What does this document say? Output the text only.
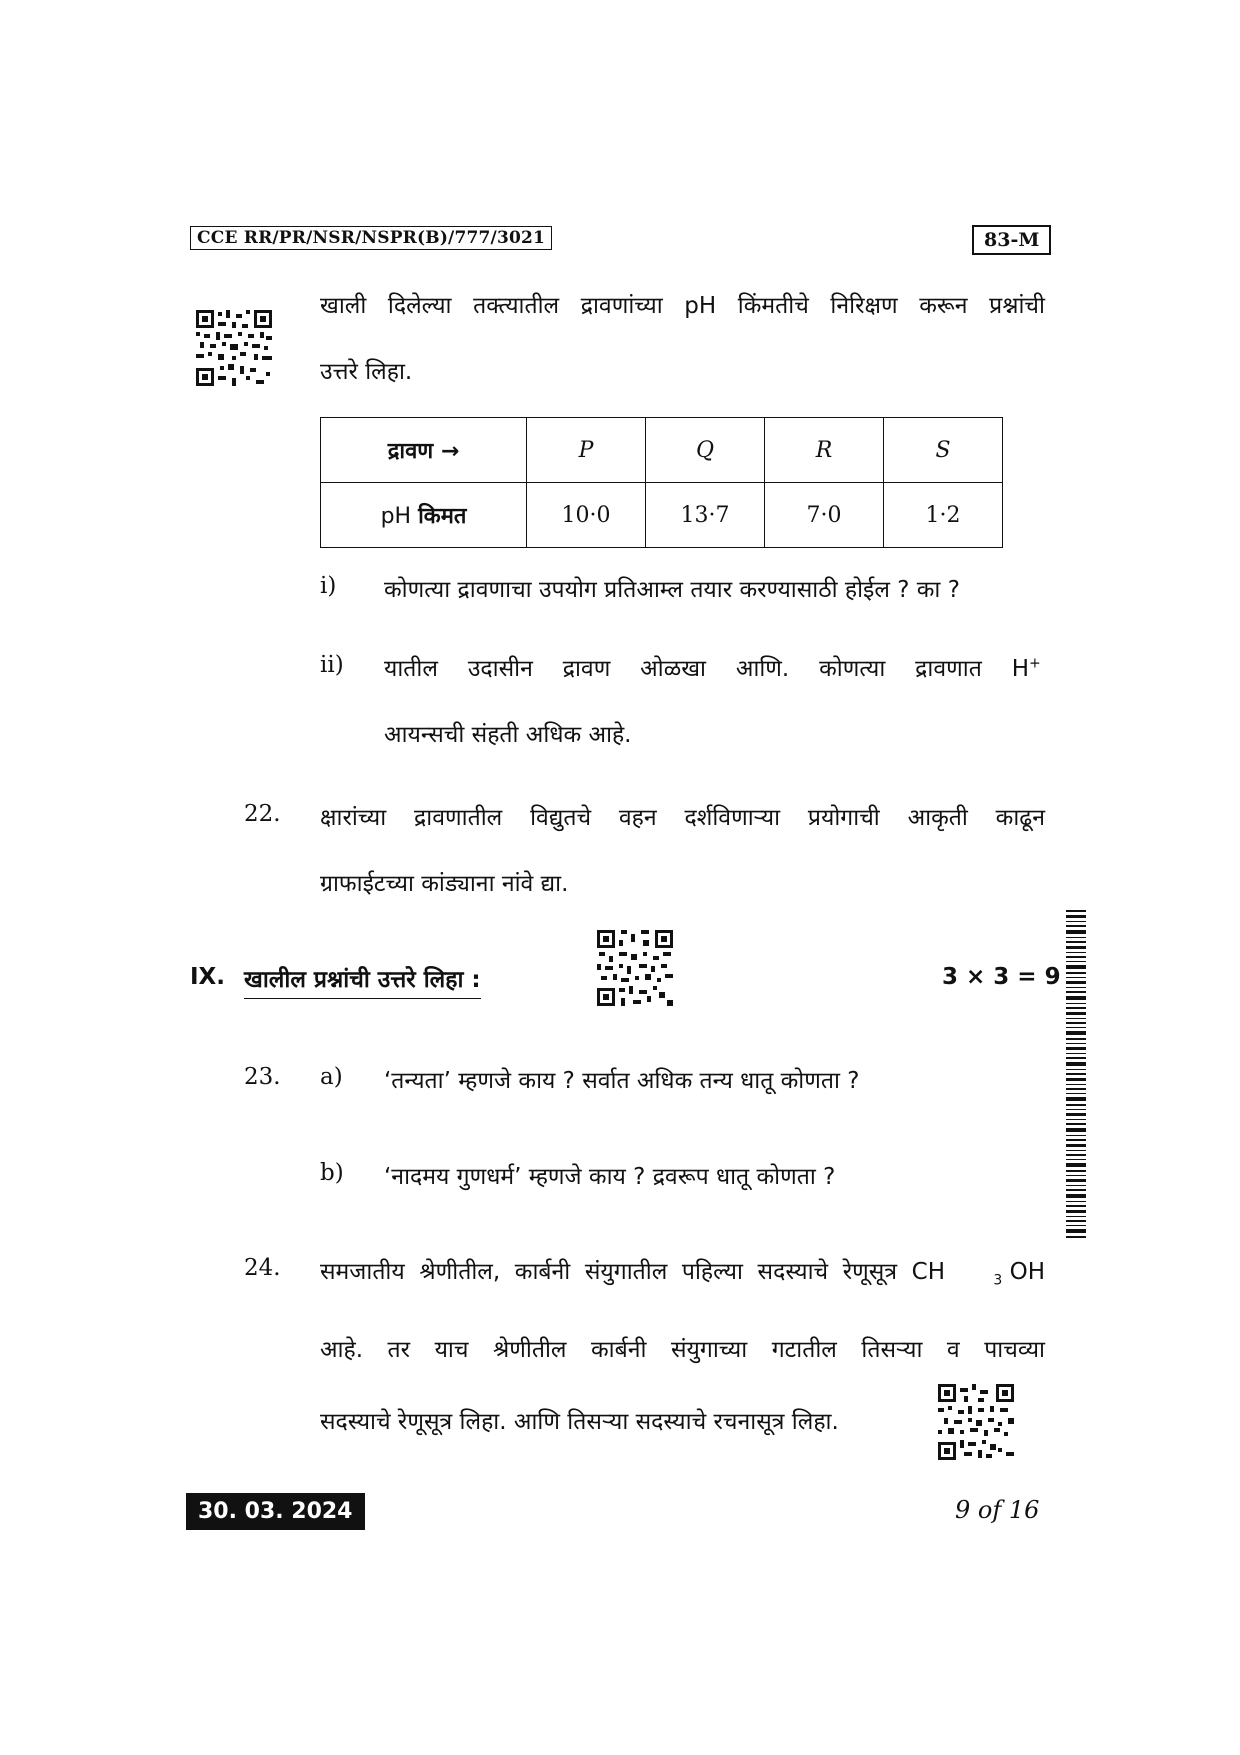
CCE RR/PR/NSR/NSPR(B)/777/3021	83-M
खाली दिलेल्या तक्त्यातील द्रावणांच्या pH किंमतीचे निरिक्षण करून प्रश्नांची
उत्तरे लिहा.
द्रावण →	P	Q	R	S
pH किमत	10·0	13·7	7·0	1·2
i) कोणत्या द्रावणाचा उपयोग प्रतिआम्ल तयार करण्यासाठी होईल ? का ?
ii) यातील उदासीन द्रावण ओळखा आणि. कोणत्या द्रावणात H+
आयन्सची संहती अधिक आहे.
22. क्षारांच्या द्रावणातील विद्युतचे वहन दर्शविणाऱ्या प्रयोगाची आकृती काढून
ग्राफाईटच्या कांड्याना नांवे द्या.
IX. खालील प्रश्नांची उत्तरे लिहा :	3 × 3 = 9
23. a) ‘तन्यता’ म्हणजे काय ? सर्वात अधिक तन्य धातू कोणता ?
b) ‘नादमय गुणधर्म’ म्हणजे काय ? द्रवरूप धातू कोणता ?
24. समजातीय श्रेणीतील, कार्बनी संयुगातील पहिल्या सदस्याचे रेणूसूत्र CH	$_3$ OH
आहे. तर याच श्रेणीतील कार्बनी संयुगाच्या गटातील तिसऱ्या व पाचव्या
सदस्याचे रेणूसूत्र लिहा. आणि तिसऱ्या सदस्याचे रचनासूत्र लिहा.
30. 03. 2024	9 of 16
